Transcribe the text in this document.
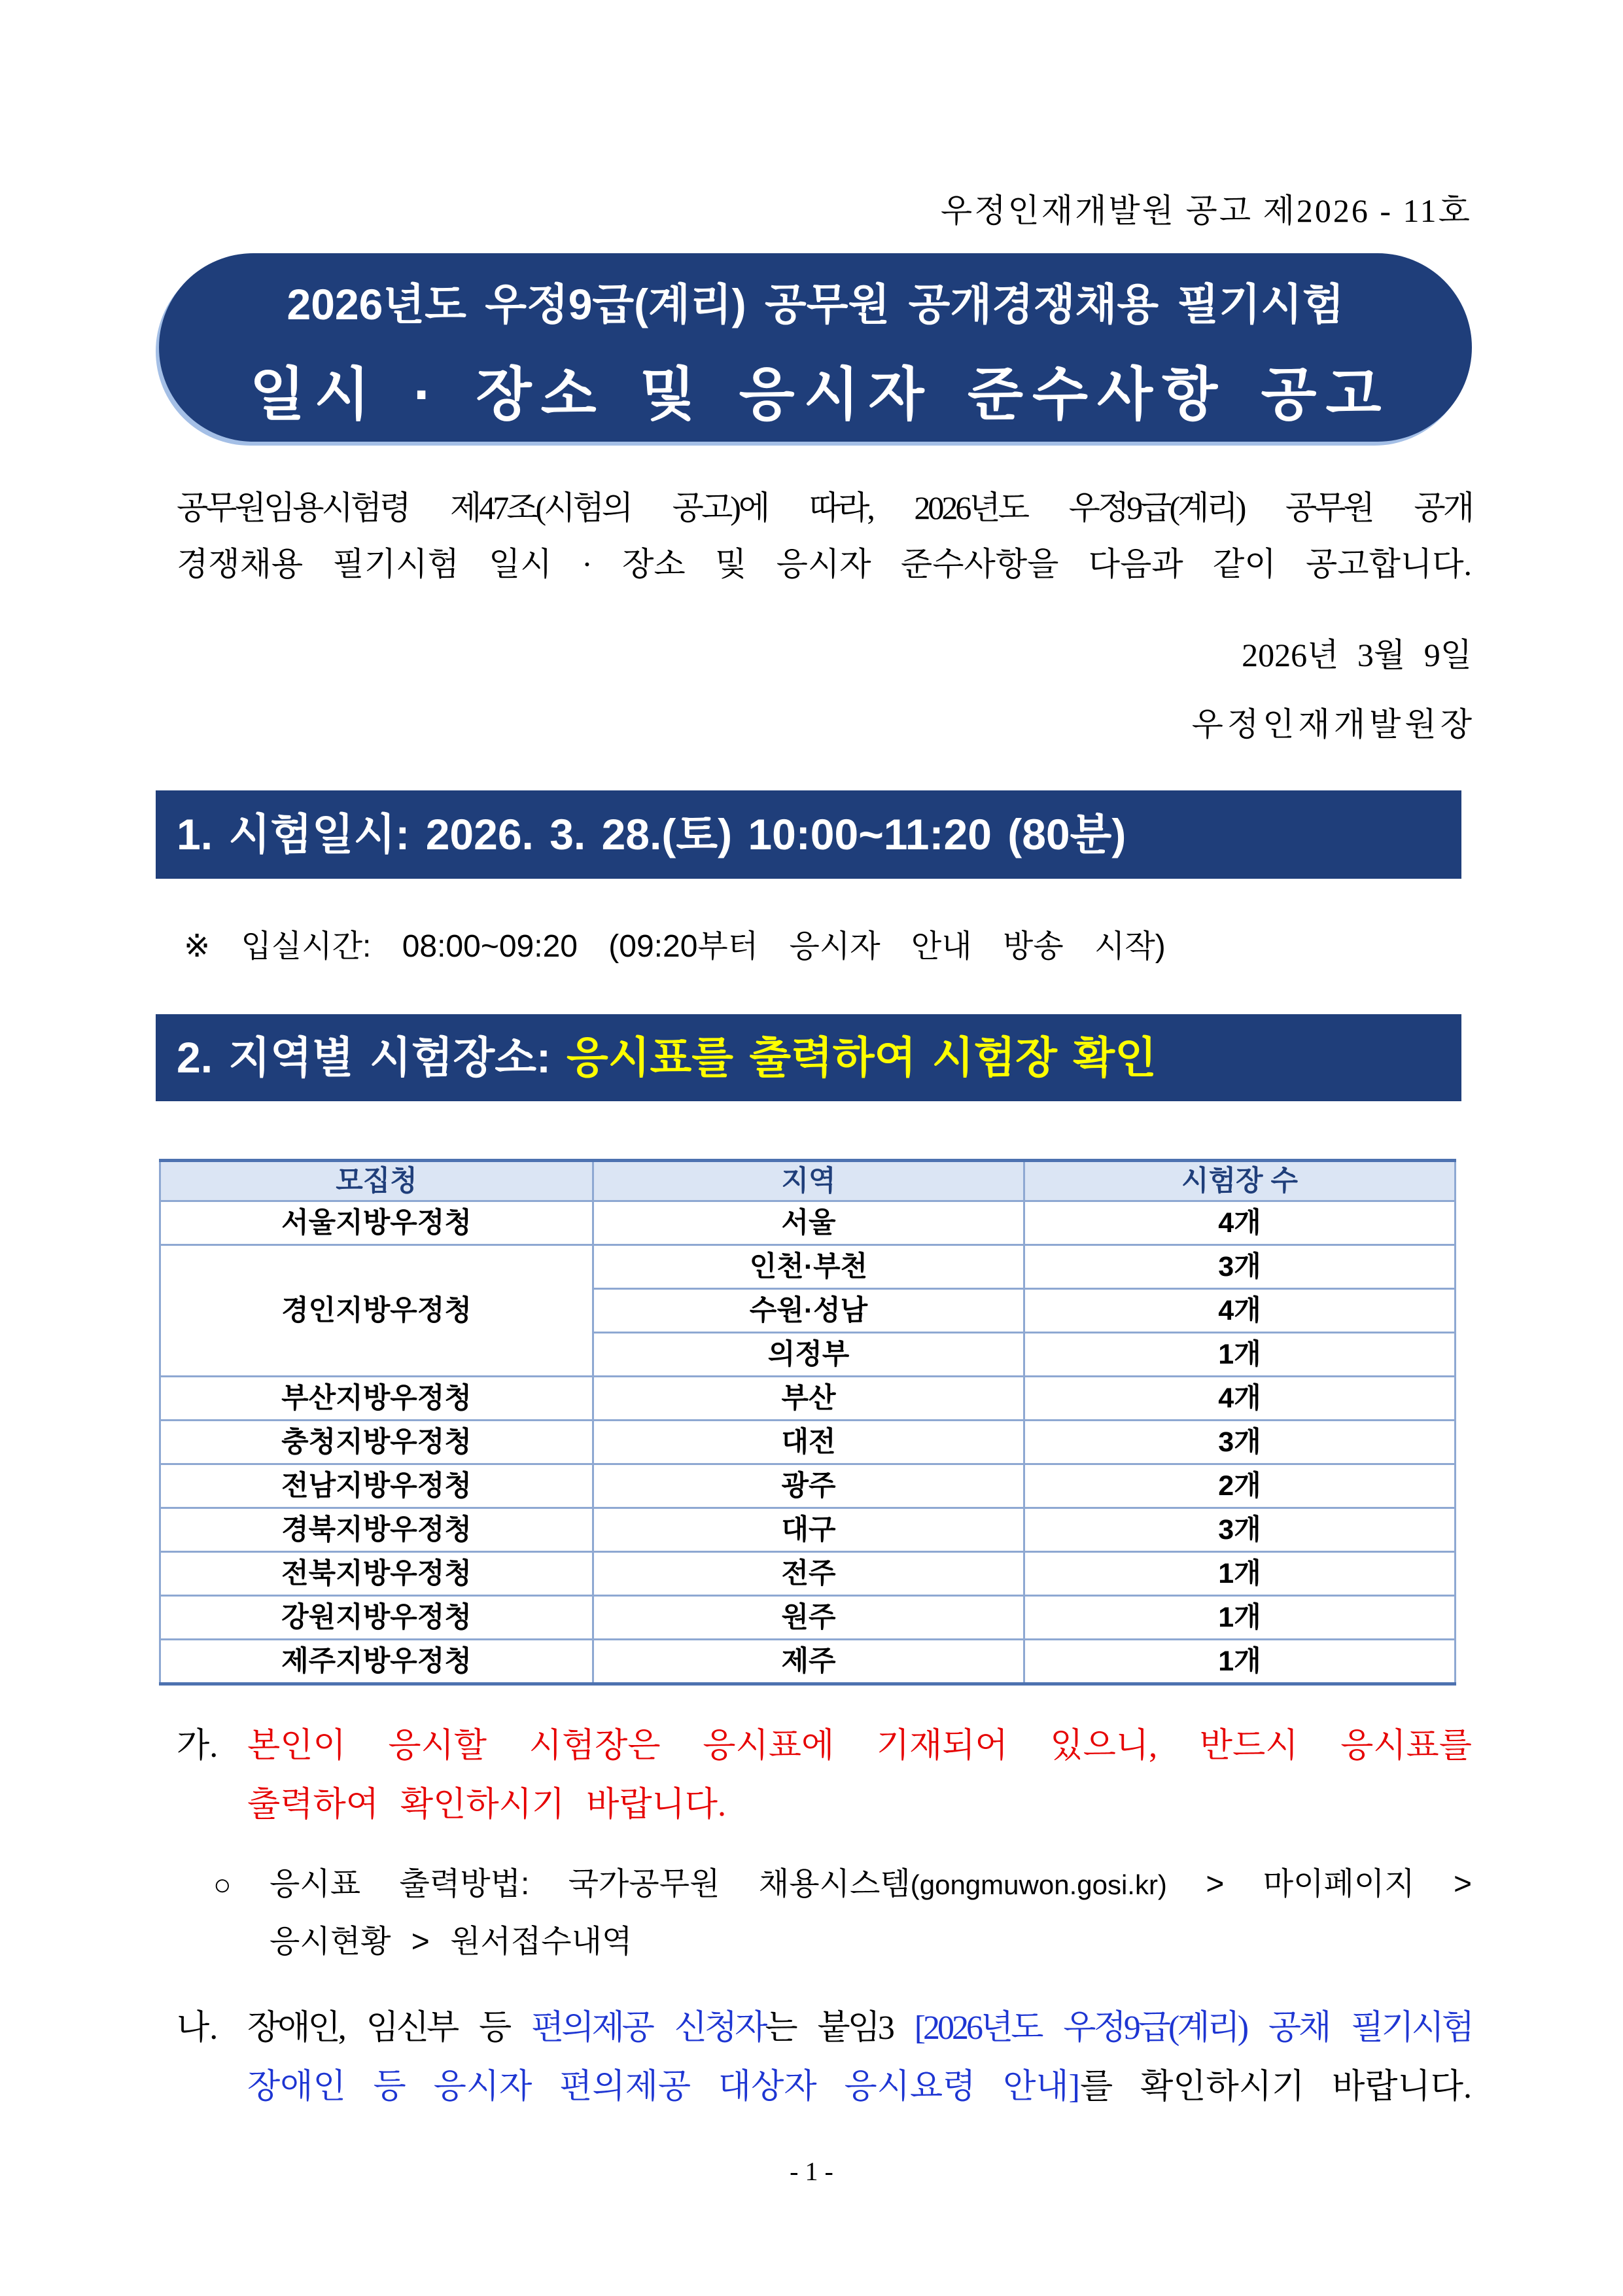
우정인재개발원 공고 제2026 - 11호
2026년도 우정9급(계리) 공무원 공개경쟁채용 필기시험
일시 · 장소 및 응시자 준수사항 공고
공무원임용시험령 제47조(시험의 공고)에 따라, 2026년도 우정9급(계리) 공무원 공개
경쟁채용 필기시험 일시 · 장소 및 응시자 준수사항을 다음과 같이 공고합니다.
2026년 3월 9일
우정인재개발원장
1. 시험일시: 2026. 3. 28.(토) 10:00~11:20 (80분)
※ 입실시간: 08:00~09:20 (09:20부터 응시자 안내 방송 시작)
2. 지역별 시험장소: 응시표를 출력하여 시험장 확인
모집청	지역	시험장 수
서울지방우정청	서울	4개
경인지방우정청	인천·부천	3개
	수원·성남	4개
	의정부	1개
부산지방우정청	부산	4개
충청지방우정청	대전	3개
전남지방우정청	광주	2개
경북지방우정청	대구	3개
전북지방우정청	전주	1개
강원지방우정청	원주	1개
제주지방우정청	제주	1개
가. 본인이 응시할 시험장은 응시표에 기재되어 있으니, 반드시 응시표를
출력하여 확인하시기 바랍니다.
○ 응시표 출력방법: 국가공무원 채용시스템(gongmuwon.gosi.kr) > 마이페이지 >
응시현황 > 원서접수내역
나. 장애인, 임신부 등 편의제공 신청자는 붙임3 [2026년도 우정9급(계리) 공채 필기시험
장애인 등 응시자 편의제공 대상자 응시요령 안내]를 확인하시기 바랍니다.
- 1 -
